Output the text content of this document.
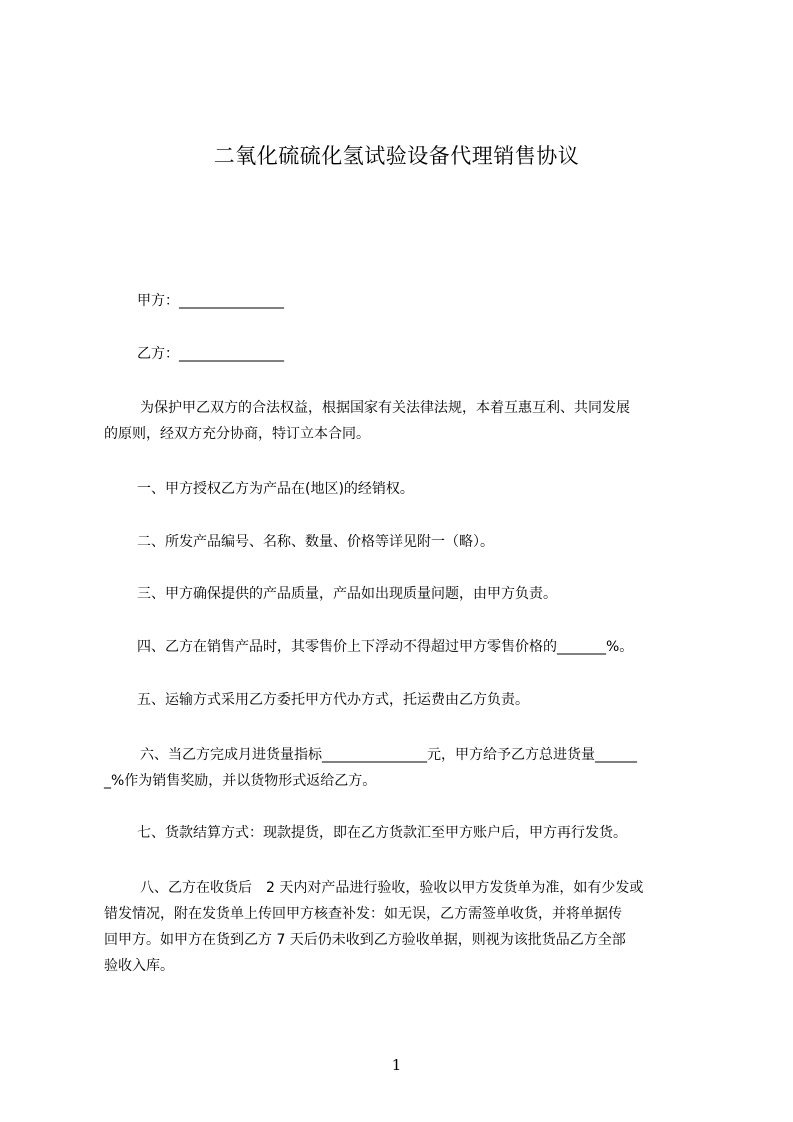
二氧化硫硫化氢试验设备代理销售协议
甲方：_______________
乙方：_______________
为保护甲乙双方的合法权益，根据国家有关法律法规，本着互惠互利、共同发展
的原则，经双方充分协商，特订立本合同。
一、甲方授权乙方为产品在(地区)的经销权。
二、所发产品编号、名称、数量、价格等详见附一（略）。
三、甲方确保提供的产品质量，产品如出现质量问题，由甲方负责。
四、乙方在销售产品时，其零售价上下浮动不得超过甲方零售价格的_______%。
五、运输方式采用乙方委托甲方代办方式，托运费由乙方负责。
六、当乙方完成月进货量指标_______________元，甲方给予乙方总进货量______
_%作为销售奖励，并以货物形式返给乙方。
七、货款结算方式：现款提货，即在乙方货款汇至甲方账户后，甲方再行发货。
八、乙方在收货后　2 天内对产品进行验收，验收以甲方发货单为准，如有少发或
错发情况，附在发货单上传回甲方核查补发：如无误，乙方需签单收货，并将单据传
回甲方。如甲方在货到乙方 7 天后仍未收到乙方验收单据，则视为该批货品乙方全部
验收入库。
1
